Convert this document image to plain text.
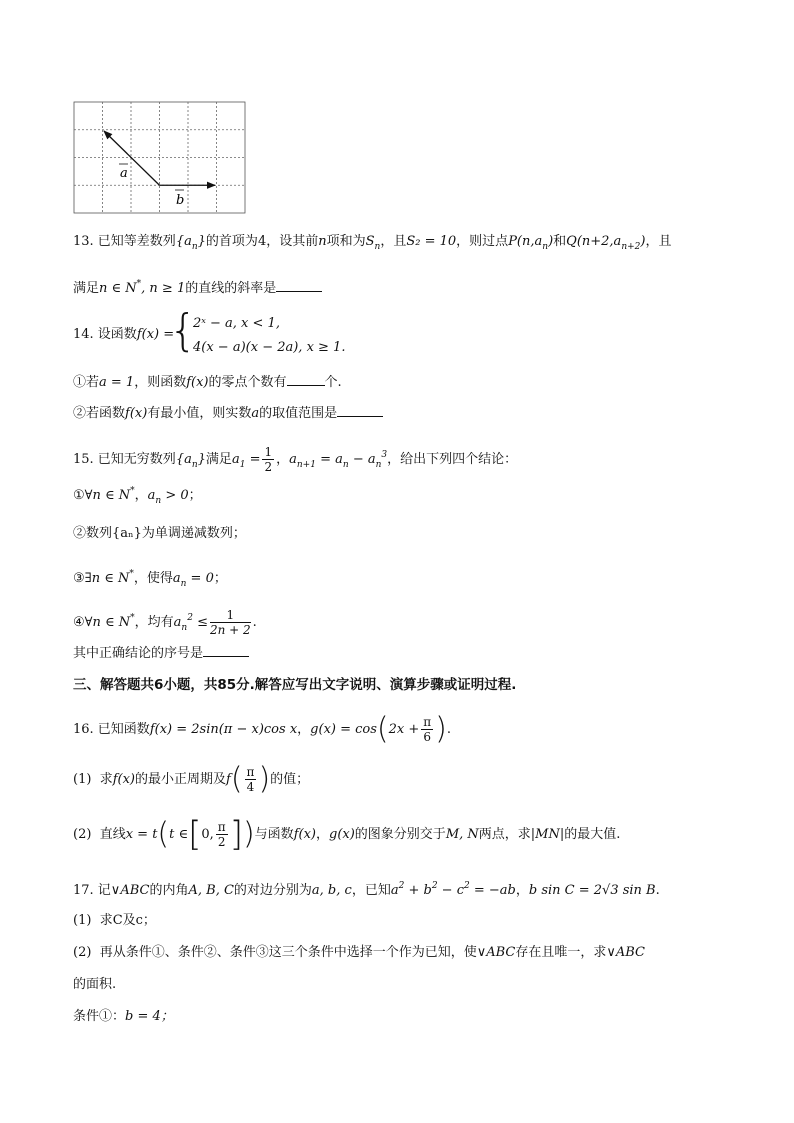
a
b
13. 已知等差数列$\{a_n\}$的首项为4，设其前n项和为$S_n$，且S₂ = 10，则过点$P(n,a_n)$和$Q(n+2,a_{n+2})$，且
满足n ∈ N*, n ≥ 1的直线的斜率是
14. 设函数f(x) =
{
2ˣ − a, x < 1,
4(x − a)(x − 2a), x ≥ 1.
①若a = 1，则函数f(x)的零点个数有	个.
②若函数f(x)有最小值，则实数a的取值范围是
15. 已知无穷数列$\{a_n\}$满足$a_1 = \frac{1}{2}$ ，$a_{n+1} = a_n - a_n^3$，给出下列四个结论：
①∀n ∈ N*，$a_n > 0$；
②数列{aₙ}为单调递减数列；
③∃n ∈ N*，使得$a_n = 0$；
④∀n ∈ N*，均有$a_n^2 \le \frac{1}{2n + 2}$ .
其中正确结论的序号是
三、解答题共6小题，共85分.解答应写出文字说明、演算步骤或证明过程.
16. 已知函数f(x) = 2sin(π − x)cos x，$g(x) = \cos(2x + \frac{\pi}{6}$ ).
(1) 求f(x)的最小正周期及$f( \frac{\pi}{4}$ )的值；
(2) 直线x = t(t ∈[0, $\frac{\pi}{2}$ ])与函数f(x)，g(x)的图象分别交于M, N两点，求|MN|的最大值.
17. 记∨ABC的内角A, B, C的对边分别为a, b, c，已知$a^2 + b^2 - c^2 = -ab$，b sin C = 2√3 sin B.
(1) 求C及c；
(2) 再从条件①、条件②、条件③这三个条件中选择一个作为已知，使∨ABC存在且唯一，求∨ABC
的面积.
条件①：b = 4；
